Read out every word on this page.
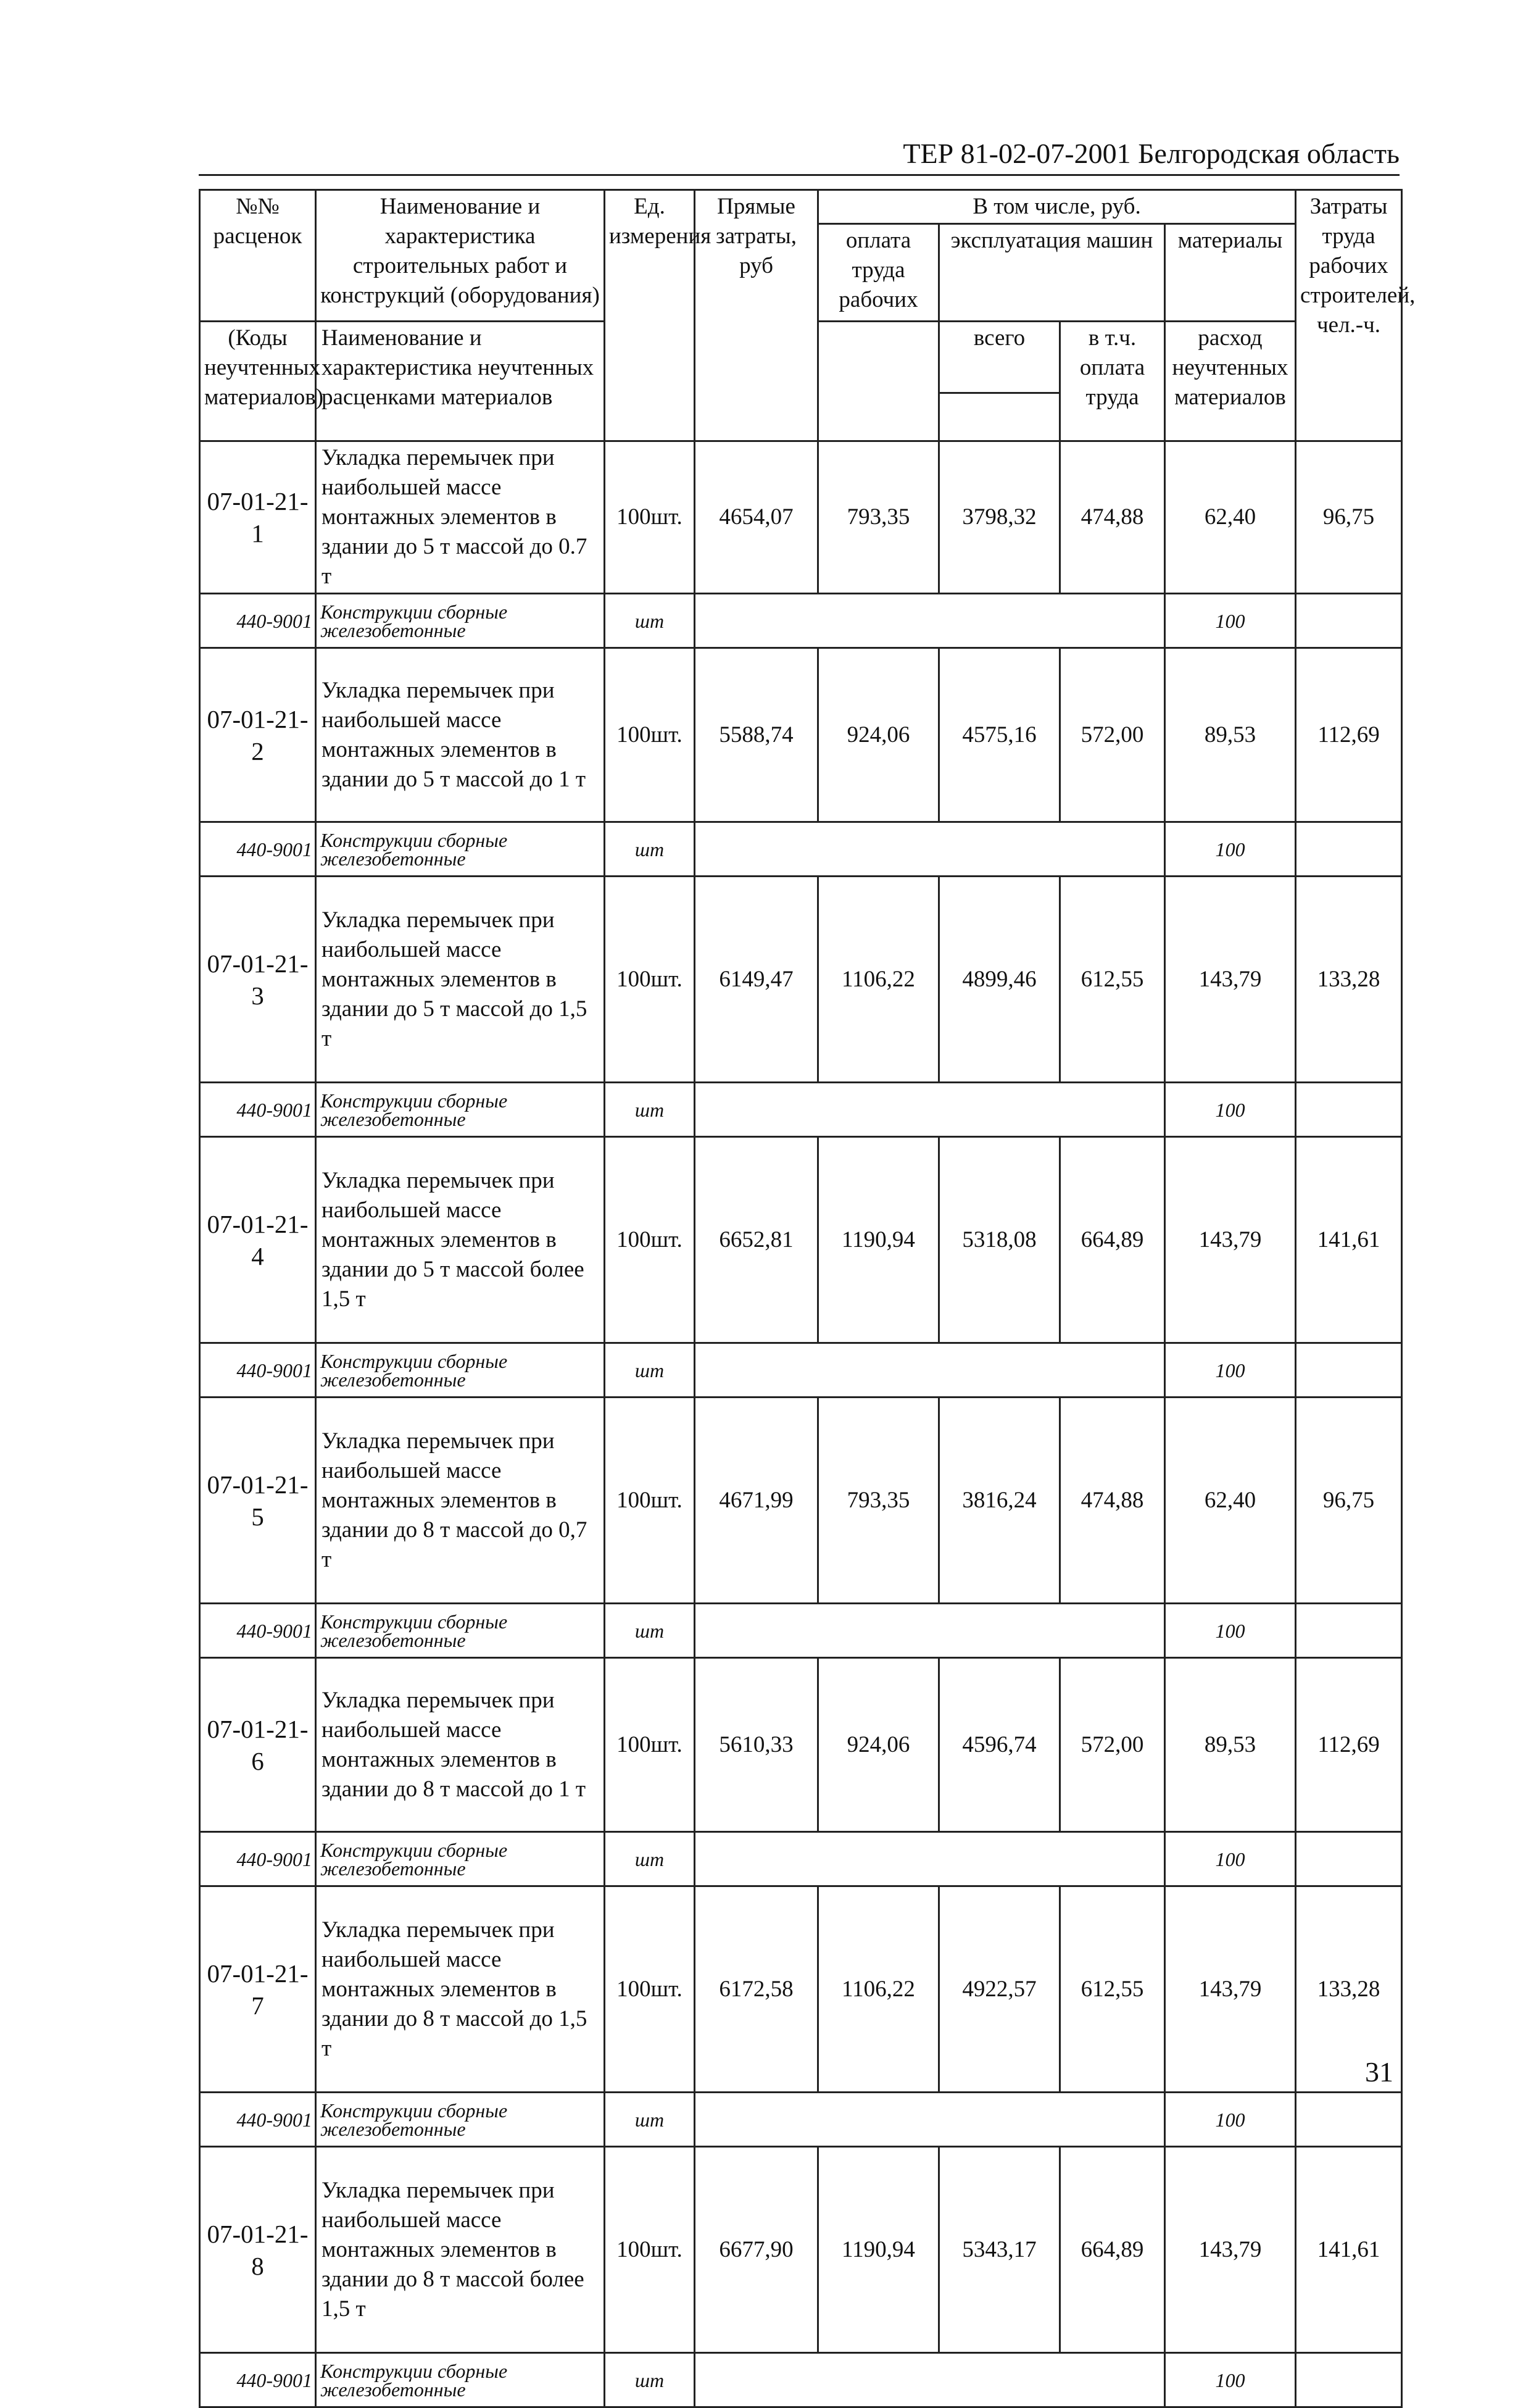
ТЕР 81-02-07-2001 Белгородская область
№№ расценок	Наименование и характеристика строительных работ и конструкций (оборудования)	Ед. измерения	Прямые затраты, руб	В том числе, руб.				Затраты труда рабочих строителей, чел.-ч.
				оплата труда рабочих	эксплуатация машин		материалы	

(Коды неучтенных материалов)	Наименование и характеристика неучтенных расценками материалов				всего	в т.ч. оплата труда	расход неучтенных материалов	

07-01-21-1	Укладка перемычек при наибольшей массе монтажных элементов в здании до 5 т массой до 0.7 т	100шт.	4654,07	793,35	3798,32	474,88	62,40	96,75
440-9001	Конструкции сборные железобетонные	шт					100	
07-01-21-2	Укладка перемычек при наибольшей массе монтажных элементов в здании до 5 т массой до 1 т	100шт.	5588,74	924,06	4575,16	572,00	89,53	112,69
440-9001	Конструкции сборные железобетонные	шт					100	
07-01-21-3	Укладка перемычек при наибольшей массе монтажных элементов в здании до 5 т массой до 1,5 т	100шт.	6149,47	1106,22	4899,46	612,55	143,79	133,28
440-9001	Конструкции сборные железобетонные	шт					100	
07-01-21-4	Укладка перемычек при наибольшей массе монтажных элементов в здании до 5 т массой более 1,5 т	100шт.	6652,81	1190,94	5318,08	664,89	143,79	141,61
440-9001	Конструкции сборные железобетонные	шт					100	
07-01-21-5	Укладка перемычек при наибольшей массе монтажных элементов в здании до 8 т массой до 0,7 т	100шт.	4671,99	793,35	3816,24	474,88	62,40	96,75
440-9001	Конструкции сборные железобетонные	шт					100	
07-01-21-6	Укладка перемычек при наибольшей массе монтажных элементов в здании до 8 т массой до 1 т	100шт.	5610,33	924,06	4596,74	572,00	89,53	112,69
440-9001	Конструкции сборные железобетонные	шт					100	
07-01-21-7	Укладка перемычек при наибольшей массе монтажных элементов в здании до 8 т массой до 1,5 т	100шт.	6172,58	1106,22	4922,57	612,55	143,79	133,28
440-9001	Конструкции сборные железобетонные	шт					100	
07-01-21-8	Укладка перемычек при наибольшей массе монтажных элементов в здании до 8 т массой более 1,5 т	100шт.	6677,90	1190,94	5343,17	664,89	143,79	141,61
440-9001	Конструкции сборные железобетонные	шт					100	
31
